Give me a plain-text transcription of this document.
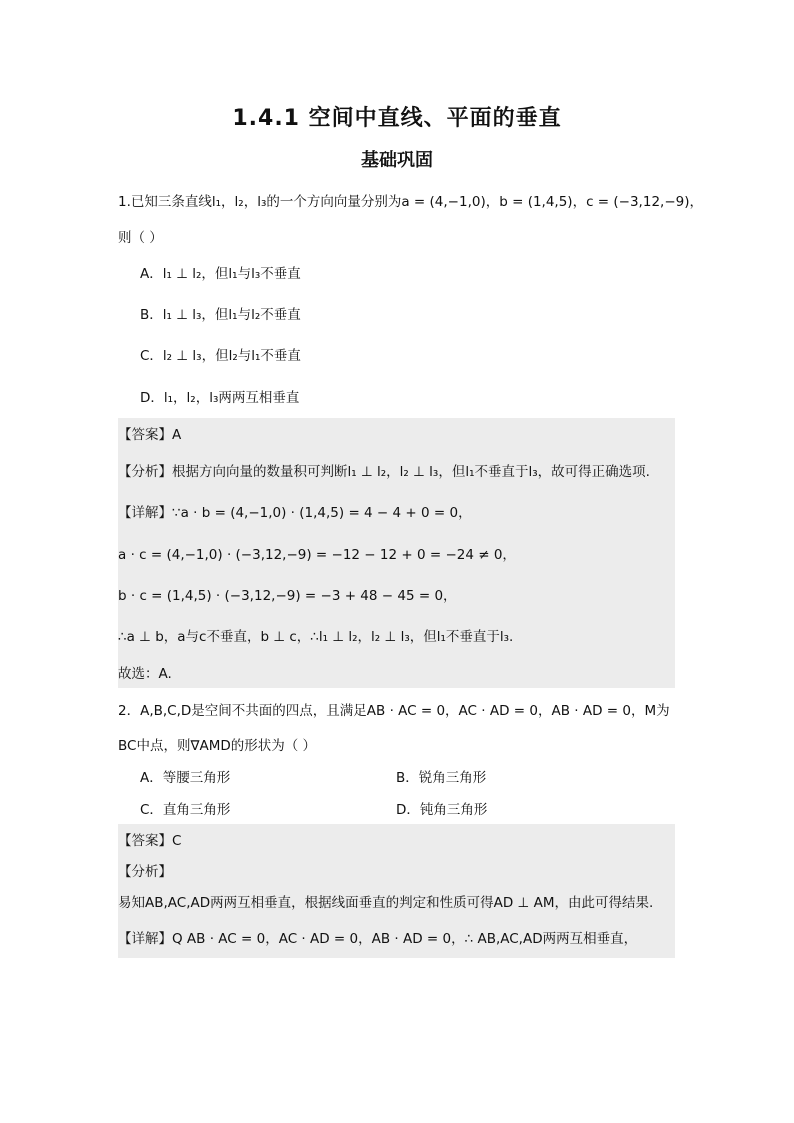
1.4.1 空间中直线、平面的垂直
基础巩固
1.已知三条直线l₁，l₂，l₃的一个方向向量分别为a = (4,−1,0)，b = (1,4,5)，c = (−3,12,−9)，
则（ ）
A．l₁ ⊥ l₂，但l₁与l₃不垂直
B．l₁ ⊥ l₃，但l₁与l₂不垂直
C．l₂ ⊥ l₃，但l₂与l₁不垂直
D．l₁，l₂，l₃两两互相垂直
【答案】A
【分析】根据方向向量的数量积可判断l₁ ⊥ l₂，l₂ ⊥ l₃，但l₁不垂直于l₃，故可得正确选项.
【详解】∵a · b = (4,−1,0) · (1,4,5) = 4 − 4 + 0 = 0，
a · c = (4,−1,0) · (−3,12,−9) = −12 − 12 + 0 = −24 ≠ 0，
b · c = (1,4,5) · (−3,12,−9) = −3 + 48 − 45 = 0，
∴a ⊥ b，a与c不垂直，b ⊥ c，∴l₁ ⊥ l₂，l₂ ⊥ l₃，但l₁不垂直于l₃.
故选：A.
2．A,B,C,D是空间不共面的四点，且满足AB · AC = 0，AC · AD = 0，AB · AD = 0，M为
BC中点，则∇AMD的形状为（ ）
A．等腰三角形	B．锐角三角形
C．直角三角形	D．钝角三角形
【答案】C
【分析】
易知AB,AC,AD两两互相垂直，根据线面垂直的判定和性质可得AD ⊥ AM，由此可得结果.
【详解】Q AB · AC = 0，AC · AD = 0，AB · AD = 0，∴ AB,AC,AD两两互相垂直，
